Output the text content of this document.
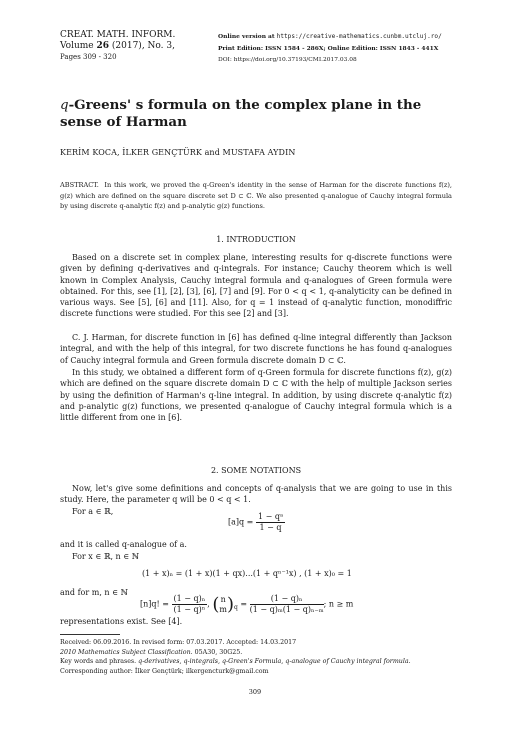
CREAT. MATH. INFORM.
Volume 26 (2017), No. 3,
Pages 309 - 320
Online version at https://creative-mathematics.cunbm.utcluj.ro/
Print Edition: ISSN 1584 - 286X; Online Edition: ISSN 1843 - 441X
DOI: https://doi.org/10.37193/CMI.2017.03.08
q-Greens' s formula on the complex plane in the sense of Harman
KERİM KOCA, İLKER GENÇTÜRK and MUSTAFA AYDIN
ABSTRACT. In this work, we proved the q-Green's identity in the sense of Harman for the discrete functions f(z), g(z) which are defined on the square discrete set D ⊂ ℂ. We also presented q-analogue of Cauchy integral formula by using discrete q-analytic f(z) and p-analytic g(z) functions.
1. INTRODUCTION
Based on a discrete set in complex plane, interesting results for q-discrete functions were given by defining q-derivatives and q-integrals. For instance; Cauchy theorem which is well known in Complex Analysis, Cauchy integral formula and q-analogues of Green formula were obtained. For this, see [1], [2], [3], [6], [7] and [9]. For 0 < q < 1, q-analyticity can be defined in various ways. See [5], [6] and [11]. Also, for q = 1 instead of q-analytic function, monodiffric discrete functions were studied. For this see [2] and [3].
C. J. Harman, for discrete function in [6] has defined q-line integral differently than Jackson integral, and with the help of this integral, for two discrete functions he has found q-analogues of Cauchy integral formula and Green formula discrete domain D ⊂ ℂ.
In this study, we obtained a different form of q-Green formula for discrete functions f(z), g(z) which are defined on the square discrete domain D ⊂ ℂ with the help of multiple Jackson series by using the definition of Harman's q-line integral. In addition, by using discrete q-analytic f(z) and p-analytic g(z) functions, we presented q-analogue of Cauchy integral formula which is a little different from one in [6].
2. SOME NOTATIONS
Now, let's give some definitions and concepts of q-analysis that we are going to use in this study. Here, the parameter q will be 0 < q < 1.
For a ∈ ℝ,
$[a]q = \frac{\text{1 − qᵃ}}{1 - q}$
and it is called q-analogue of a.
For x ∈ ℝ, n ∈ ℕ
(1 + x)ₙ = (1 + x)(1 + qx)...(1 + qⁿ⁻¹x) , (1 + x)₀ = 1
and for m, n ∈ ℕ
[n]q! = $\frac{\text{(1 − q)ₙ}}{\text{(1 − q)ⁿ}}$ , ( n
m )$_q = \frac{\text{(1 − q)ₙ}}{\text{(1 − q)ₘ(1 − q)ₙ₋ₘ}}$ ; n ≥ m
representations exist. See [4].
Received: 06.09.2016. In revised form: 07.03.2017. Accepted: 14.03.2017
2010 Mathematics Subject Classification. 05A30, 30G25.
Key words and phrases. q-derivatives, q-integrals, q-Green's Formula, q-analogue of Cauchy integral formula.
Corresponding author: İlker Gençtürk; ilkergencturk@gmail.com
309
